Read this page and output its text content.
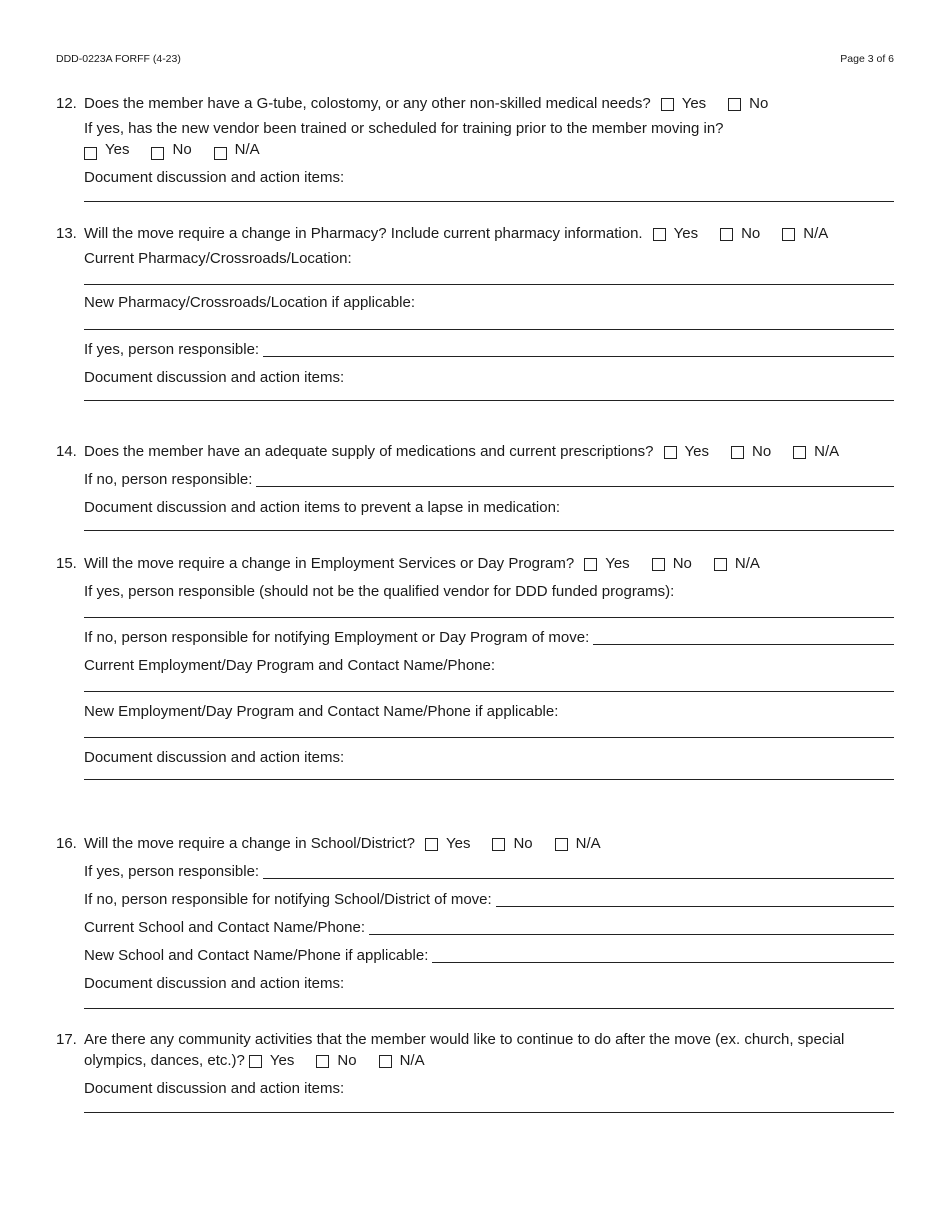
DDD-0223A FORFF (4-23)	Page 3 of 6
12. Does the member have a G-tube, colostomy, or any other non-skilled medical needs? Yes	No
If yes, has the new vendor been trained or scheduled for training prior to the member moving in?
Yes	No	N/A
Document discussion and action items:
13. Will the move require a change in Pharmacy? Include current pharmacy information. Yes	No	N/A
Current Pharmacy/Crossroads/Location:
New Pharmacy/Crossroads/Location if applicable:
If yes, person responsible:
Document discussion and action items:
14. Does the member have an adequate supply of medications and current prescriptions? Yes	No	N/A
If no, person responsible:
Document discussion and action items to prevent a lapse in medication:
15. Will the move require a change in Employment Services or Day Program? Yes	No	N/A
If yes, person responsible (should not be the qualified vendor for DDD funded programs):
If no, person responsible for notifying Employment or Day Program of move:
Current Employment/Day Program and Contact Name/Phone:
New Employment/Day Program and Contact Name/Phone if applicable:
Document discussion and action items:
16. Will the move require a change in School/District? Yes	No	N/A
If yes, person responsible:
If no, person responsible for notifying School/District of move:
Current School and Contact Name/Phone:
New School and Contact Name/Phone if applicable:
Document discussion and action items:
17. Are there any community activities that the member would like to continue to do after the move (ex. church, special
olympics, dances, etc.)? Yes	No	N/A
Document discussion and action items:
